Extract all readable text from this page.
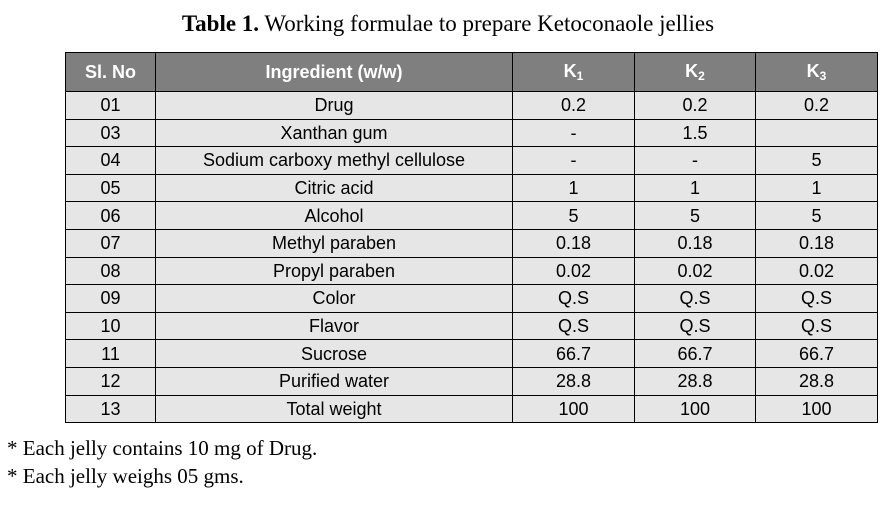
Table 1. Working formulae to prepare Ketoconaole jellies
Sl. No	Ingredient (w/w)	$K_1$	$K_2$	$K_3$
01	Drug	0.2	0.2	0.2
03	Xanthan gum	-	1.5	
04	Sodium carboxy methyl cellulose	-	-	5
05	Citric acid	1	1	1
06	Alcohol	5	5	5
07	Methyl paraben	0.18	0.18	0.18
08	Propyl paraben	0.02	0.02	0.02
09	Color	Q.S	Q.S	Q.S
10	Flavor	Q.S	Q.S	Q.S
11	Sucrose	66.7	66.7	66.7
12	Purified water	28.8	28.8	28.8
13	Total weight	100	100	100
* Each jelly contains 10 mg of Drug.
* Each jelly weighs 05 gms.
